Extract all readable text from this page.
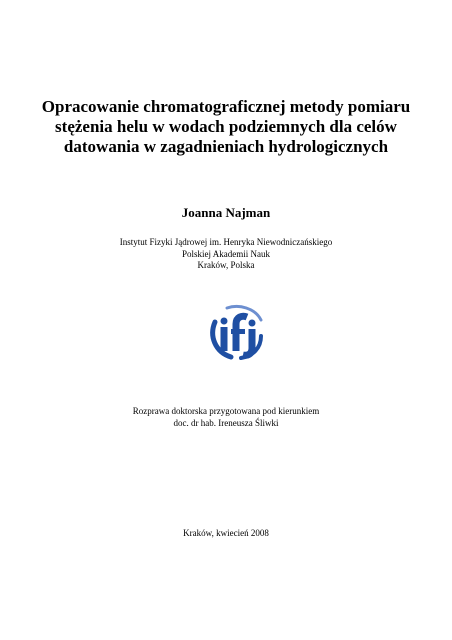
Opracowanie chromatograficznej metody pomiaru
stężenia helu w wodach podziemnych dla celów
datowania w zagadnieniach hydrologicznych
Joanna Najman
Instytut Fizyki Jądrowej im. Henryka Niewodniczańskiego
Polskiej Akademii Nauk
Kraków, Polska
Rozprawa doktorska przygotowana pod kierunkiem
doc. dr hab. Ireneusza Śliwki
Kraków, kwiecień 2008
